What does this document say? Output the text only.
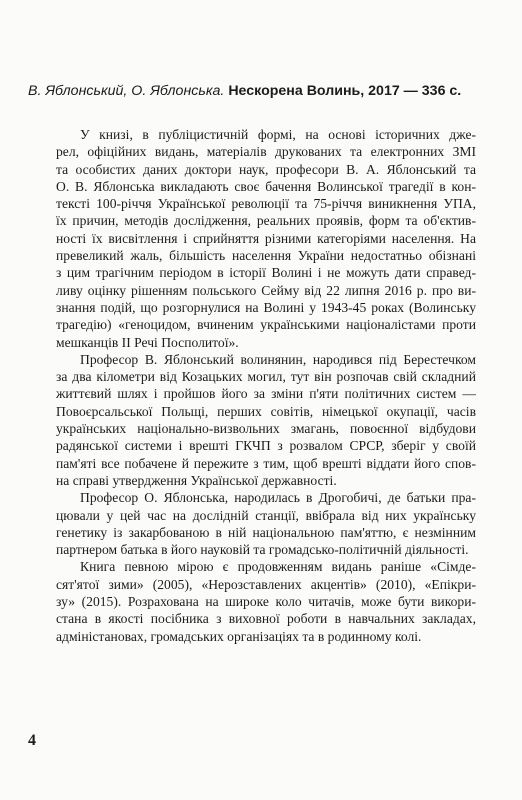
В. Яблонський, О. Яблонська. Нескорена Волинь, 2017 — 336 с.
У книзі, в публіцистичній формі, на основі історичних дже-
рел, офіційних видань, матеріалів друкованих та електронних ЗМІ
та особистих даних доктори наук, професори В. А. Яблонський та
О. В. Яблонська викладають своє бачення Волинської трагедії в кон-
тексті 100-річчя Української революції та 75-річчя виникнення УПА,
їх причин, методів дослідження, реальних проявів, форм та об'єктив-
ності їх висвітлення і сприйняття різними категоріями населення. На
превеликий жаль, більшість населення України недостатньо обізнані
з цим трагічним періодом в історії Волині і не можуть дати справед-
ливу оцінку рішенням польського Сейму від 22 липня 2016 р. про ви-
знання подій, що розгорнулися на Волині у 1943-45 роках (Волинську
трагедію) «геноцидом, вчиненим українськими націоналістами проти
мешканців ІІ Речі Посполитої».
Професор В. Яблонський волинянин, народився під Берестечком
за два кілометри від Козацьких могил, тут він розпочав свій складний
життєвий шлях і пройшов його за зміни п'яти політичних систем —
Повоєрсальської Польщі, перших совітів, німецької окупації, часів
українських національно-визвольних змагань, повоєнної відбудови
радянської системи і врешті ГКЧП з розвалом СРСР, зберіг у своїй
пам'яті все побачене й пережите з тим, щоб врешті віддати його спов-
на справі утвердження Української державності.
Професор О. Яблонська, народилась в Дрогобичі, де батьки пра-
цювали у цей час на дослідній станції, ввібрала від них українську
генетику із закарбованою в ній національною пам'яттю, є незмінним
партнером батька в його науковій та громадсько-політичній діяльності.
Книга певною мірою є продовженням видань раніше «Сімде-
сят'ятої зими» (2005), «Нерозставлених акцентів» (2010), «Епікри-
зу» (2015). Розрахована на широке коло читачів, може бути викори-
стана в якості посібника з виховної роботи в навчальних закладах,
адміністановах, громадських організаціях та в родинному колі.
4
